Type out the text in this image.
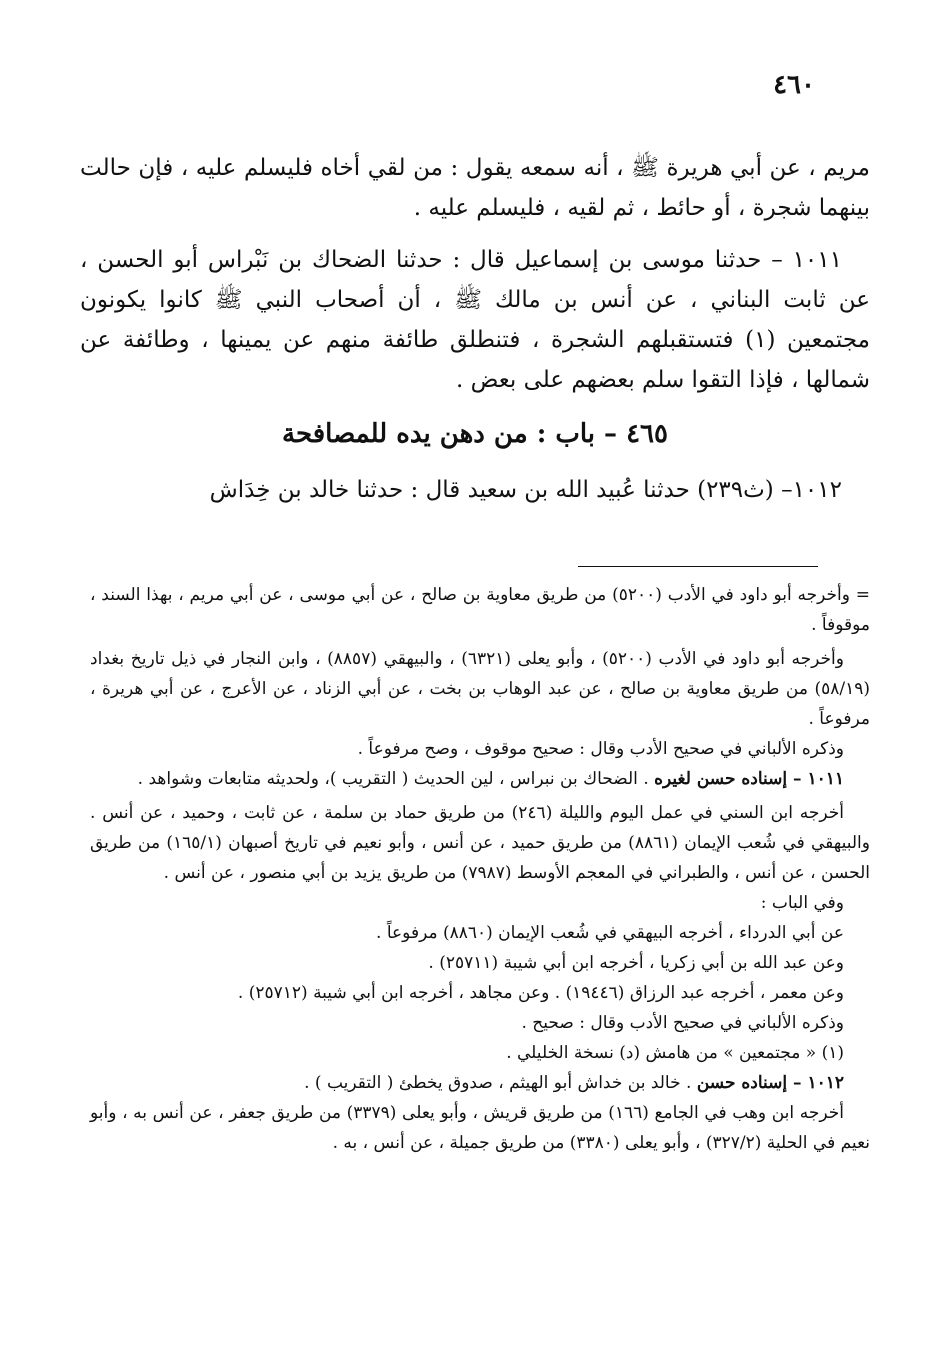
٤٦٠

مريم ، عن أبي هريرة ﷺ ، أنه سمعه يقول : من لقي أخاه فليسلم عليه ، فإن حالت بينهما شجرة ، أو حائط ، ثم لقيه ، فليسلم عليه .

١٠١١ – حدثنا موسى بن إسماعيل قال : حدثنا الضحاك بن نَبْراس أبو الحسن ، عن ثابت البناني ، عن أنس بن مالك ﷺ ، أن أصحاب النبي ﷺ كانوا يكونون مجتمعين (١) فتستقبلهم الشجرة ، فتنطلق طائفة منهم عن يمينها ، وطائفة عن شمالها ، فإذا التقوا سلم بعضهم على بعض .

٤٦٥ – باب : من دهن يده للمصافحة

١٠١٢– (ث٢٣٩) حدثنا عُبيد الله بن سعيد قال : حدثنا خالد بن خِدَاش

= وأخرجه أبو داود في الأدب (٥٢٠٠) من طريق معاوية بن صالح ، عن أبي موسى ، عن أبي مريم ، بهذا السند ، موقوفاً .

وأخرجه أبو داود في الأدب (٥٢٠٠) ، وأبو يعلى (٦٣٢١) ، والبيهقي (٨٨٥٧) ، وابن النجار في ذيل تاريخ بغداد (٥٨/١٩) من طريق معاوية بن صالح ، عن عبد الوهاب بن بخت ، عن أبي الزناد ، عن الأعرج ، عن أبي هريرة ، مرفوعاً .

وذكره الألباني في صحيح الأدب وقال : صحيح موقوف ، وصح مرفوعاً .

١٠١١ – إسناده حسن لغيره . الضحاك بن نبراس ، لين الحديث ( التقريب )، ولحديثه متابعات وشواهد .

أخرجه ابن السني في عمل اليوم والليلة (٢٤٦) من طريق حماد بن سلمة ، عن ثابت ، وحميد ، عن أنس . والبيهقي في شُعب الإيمان (٨٨٦١) من طريق حميد ، عن أنس ، وأبو نعيم في تاريخ أصبهان (١٦٥/١) من طريق الحسن ، عن أنس ، والطبراني في المعجم الأوسط (٧٩٨٧) من طريق يزيد بن أبي منصور ، عن أنس .

وفي الباب :

عن أبي الدرداء ، أخرجه البيهقي في شُعب الإيمان (٨٨٦٠) مرفوعاً .

وعن عبد الله بن أبي زكريا ، أخرجه ابن أبي شيبة (٢٥٧١١) .

وعن معمر ، أخرجه عبد الرزاق (١٩٤٤٦) . وعن مجاهد ، أخرجه ابن أبي شيبة (٢٥٧١٢) .

وذكره الألباني في صحيح الأدب وقال : صحيح .

(١) « مجتمعين » من هامش (د) نسخة الخليلي .

١٠١٢ – إسناده حسن . خالد بن خداش أبو الهيثم ، صدوق يخطئ ( التقريب ) .

أخرجه ابن وهب في الجامع (١٦٦) من طريق قريش ، وأبو يعلى (٣٣٧٩) من طريق جعفر ، عن أنس به ، وأبو نعيم في الحلية (٣٢٧/٢) ، وأبو يعلى (٣٣٨٠) من طريق جميلة ، عن أنس ، به .
